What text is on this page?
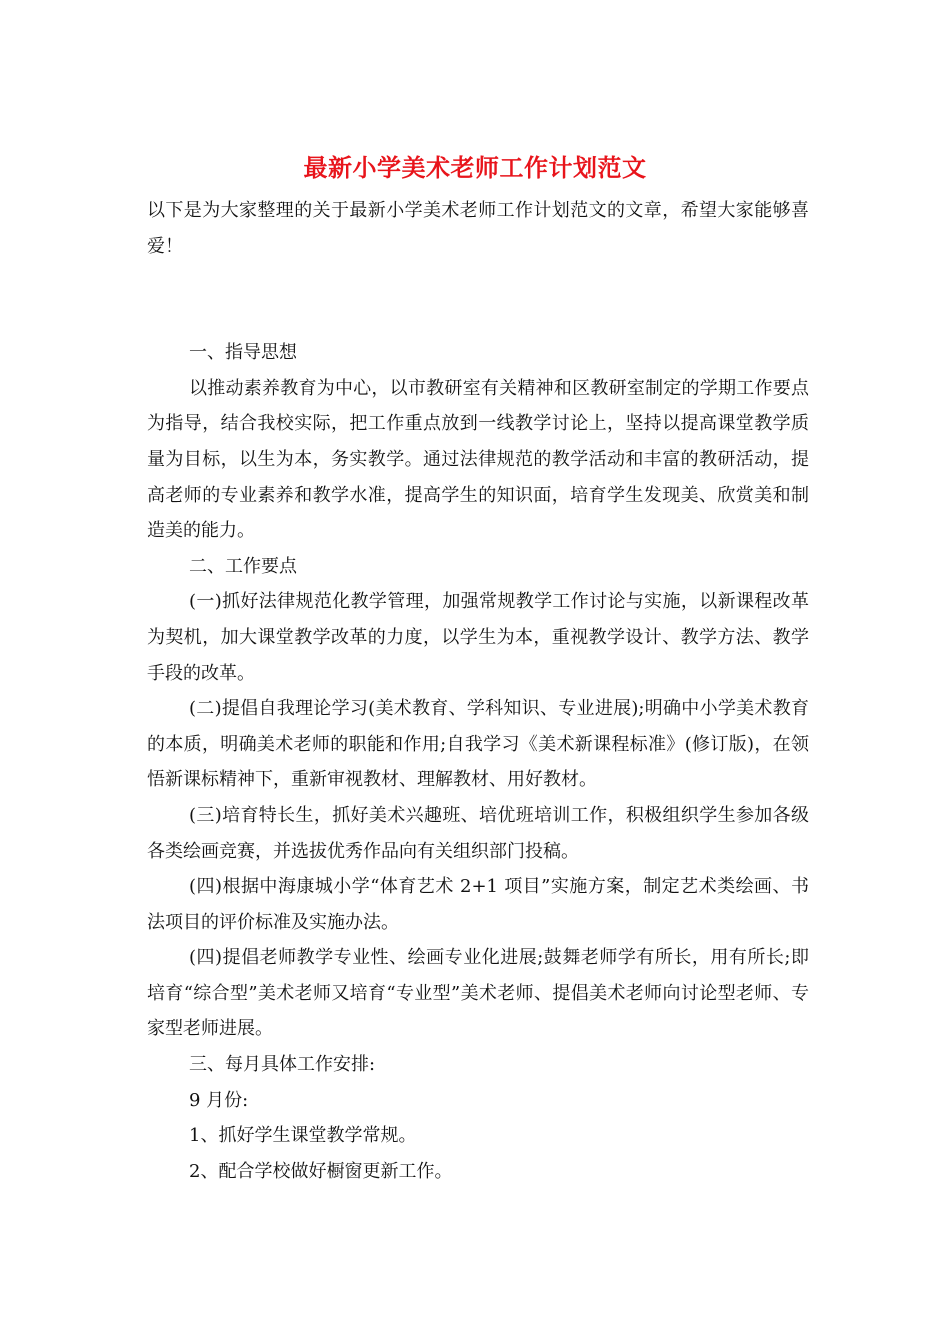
最新小学美术老师工作计划范文

以下是为大家整理的关于最新小学美术老师工作计划范文的文章，希望大家能够喜爱！

一、指导思想

以推动素养教育为中心，以市教研室有关精神和区教研室制定的学期工作要点为指导，结合我校实际，把工作重点放到一线教学讨论上，坚持以提高课堂教学质量为目标，以生为本，务实教学。通过法律规范的教学活动和丰富的教研活动，提高老师的专业素养和教学水准，提高学生的知识面，培育学生发现美、欣赏美和制造美的能力。

二、工作要点

(一)抓好法律规范化教学管理，加强常规教学工作讨论与实施，以新课程改革为契机，加大课堂教学改革的力度，以学生为本，重视教学设计、教学方法、教学手段的改革。

(二)提倡自我理论学习(美术教育、学科知识、专业进展);明确中小学美术教育的本质，明确美术老师的职能和作用;自我学习《美术新课程标准》(修订版)，在领悟新课标精神下，重新审视教材、理解教材、用好教材。

(三)培育特长生，抓好美术兴趣班、培优班培训工作，积极组织学生参加各级各类绘画竞赛，并选拔优秀作品向有关组织部门投稿。

(四)根据中海康城小学“体育艺术 2+1 项目”实施方案，制定艺术类绘画、书法项目的评价标准及实施办法。

(四)提倡老师教学专业性、绘画专业化进展;鼓舞老师学有所长，用有所长;即培育“综合型”美术老师又培育“专业型”美术老师、提倡美术老师向讨论型老师、专家型老师进展。

三、每月具体工作安排:

9 月份:

1、抓好学生课堂教学常规。

2、配合学校做好橱窗更新工作。
